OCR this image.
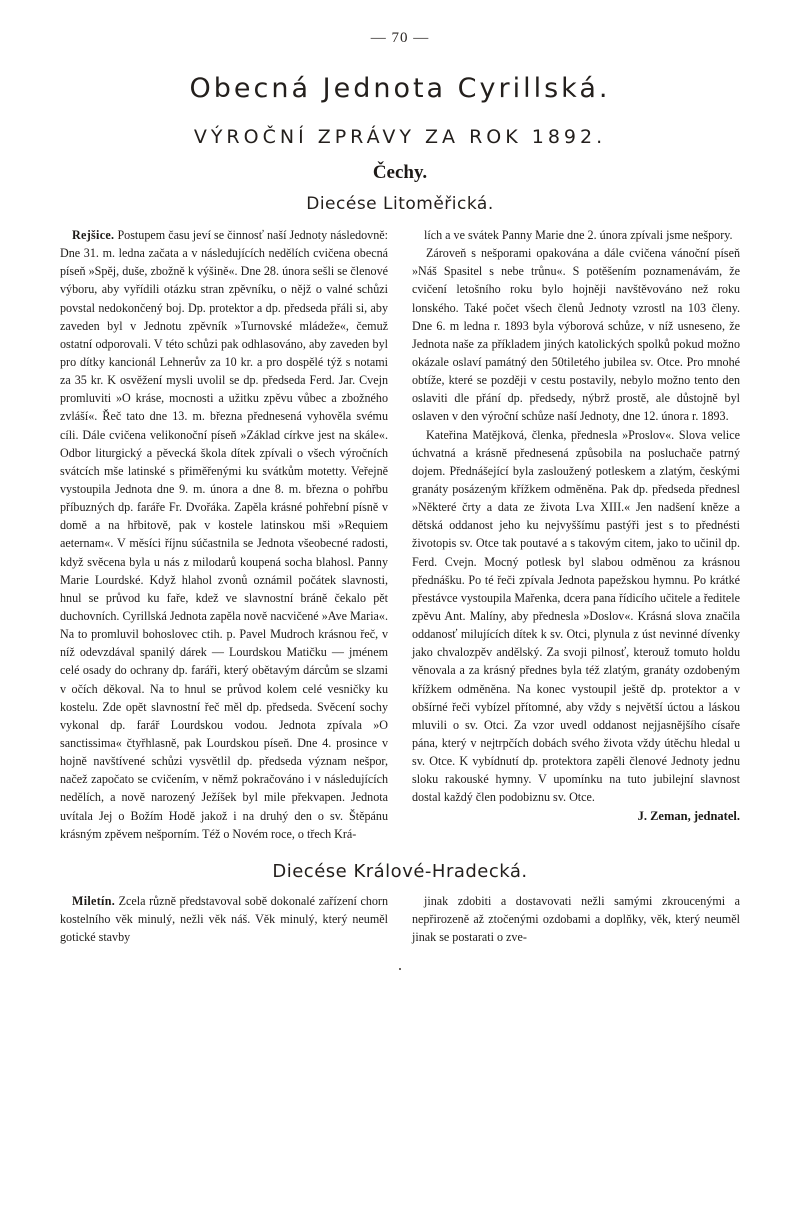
— 70 —
Obecná Jednota Cyrillská.
VÝROČNÍ ZPRÁVY ZA ROK 1892.
Čechy.
Diecése Litoměřická.

Rejšice. Postupem času jeví se činnosť naší Jednoty následovně: Dne 31. m. ledna začata a v následujících nedělích cvičena obecná píseň »Spěj, duše, zbožně k výšině«. Dne 28. února sešli se členové výboru, aby vyřídili otázku stran zpěvníku, o nějž o valné schůzi povstal nedokončený boj. Dp. protektor a dp. předseda přáli si, aby zaveden byl v Jednotu zpěvník »Turnovské mládeže«, čemuž ostatní odporovali. V této schůzi pak odhlasováno, aby zaveden byl pro dítky kancionál Lehnerův za 10 kr. a pro dospělé týž s notami za 35 kr. K osvěžení mysli uvolil se dp. předseda Ferd. Jar. Cvejn promluviti »O kráse, mocnosti a užitku zpěvu vůbec a zbožného zvláší«. Řeč tato dne 13. m. března přednesená vyhověla svému cíli. Dále cvičena velikonoční píseň »Základ církve jest na skále«. Odbor liturgický a pěvecká škola dítek zpívali o všech výročních svátcích mše latinské s přiměřenými ku svátkům motetty. Veřejně vystoupila Jednota dne 9. m. února a dne 8. m. března o pohřbu příbuzných dp. faráře Fr. Dvořáka. Zapěla krásné pohřební písně v domě a na hřbitově, pak v kostele latinskou mši »Requiem aeternam«. V měsíci říjnu súčastnila se Jednota všeobecné radosti, když svěcena byla u nás z milodarů koupená socha blahosl. Panny Marie Lourdské. Když hlahol zvonů oznámil počátek slavnosti, hnul se průvod ku faře, kdež ve slavnostní bráně čekalo pět duchovních. Cyrillská Jednota zapěla nově nacvičené »Ave Maria«. Na to promluvil bohoslovec ctih. p. Pavel Mudroch krásnou řeč, v níž odevzdával spanilý dárek — Lourdskou Matičku — jménem celé osady do ochrany dp. faráři, který obětavým dárcům se slzami v očích děkoval. Na to hnul se průvod kolem celé vesničky ku kostelu. Zde opět slavnostní řeč měl dp. předseda. Svěcení sochy vykonal dp. farář Lourdskou vodou. Jednota zpívala »O sanctissima« čtyřhlasně, pak Lourdskou píseň. Dne 4. prosince v hojně navštívené schůzi vysvětlil dp. předseda význam nešpor, načež započato se cvičením, v němž pokračováno i v následujících nedělích, a nově narozený Ježíšek byl mile překvapen. Jednota uvítala Jej o Božím Hodě jakož i na druhý den o sv. Štěpánu krásným zpěvem nešporním. Též o Novém roce, o třech Krá-

lích a ve svátek Panny Marie dne 2. února zpívali jsme nešpory.

Zároveň s nešporami opakována a dále cvičena vánoční píseň »Náš Spasitel s nebe trůnu«. S potěšením poznamenávám, že cvičení letošního roku bylo hojněji navštěvováno než roku lonského. Také počet všech členů Jednoty vzrostl na 103 členy. Dne 6. m ledna r. 1893 byla výborová schůze, v níž usneseno, že Jednota naše za příkladem jiných katolických spolků pokud možno okázale oslaví památný den 50tiletého jubilea sv. Otce. Pro mnohé obtíže, které se později v cestu postavily, nebylo možno tento den oslaviti dle přání dp. předsedy, nýbrž prostě, ale důstojně byl oslaven v den výroční schůze naší Jednoty, dne 12. února r. 1893.

Kateřina Matějková, členka, přednesla »Proslov«. Slova velice úchvatná a krásně přednesená způsobila na posluchače patrný dojem. Přednášející byla zasloužený potleskem a zlatým, českými granáty posázeným křížkem odměněna. Pak dp. předseda přednesl »Některé črty a data ze života Lva XIII.« Jen nadšení kněze a dětská oddanost jeho ku nejvyššímu pastýři jest s to přednésti životopis sv. Otce tak poutavé a s takovým citem, jako to učinil dp. Ferd. Cvejn. Mocný potlesk byl slabou odměnou za krásnou přednášku. Po té řeči zpívala Jednota papežskou hymnu. Po krátké přestávce vystoupila Mařenka, dcera pana řídicího učitele a ředitele zpěvu Ant. Malíny, aby přednesla »Doslov«. Krásná slova značila oddanosť milujících dítek k sv. Otci, plynula z úst nevinné dívenky jako chvalozpěv andělský. Za svoji pilnosť, kterouž tomuto holdu věnovala a za krásný přednes byla též zlatým, granáty ozdobeným křížkem odměněna. Na konec vystoupil ještě dp. protektor a v obšírné řeči vybízel přítomné, aby vždy s největší úctou a láskou mluvili o sv. Otci. Za vzor uvedl oddanost nejjasnějšího císaře pána, který v nejtrpčích dobách svého života vždy útěchu hledal u sv. Otce. K vybídnutí dp. protektora zapěli členové Jednoty jednu sloku rakouské hymny. V upomínku na tuto jubilejní slavnost dostal každý člen podobiznu sv. Otce.

J. Zeman, jednatel.

Diecése Králové-Hradecká.

Miletín. Zcela různě představoval sobě dokonalé zařízení chorn kostelního věk minulý, nežli věk náš. Věk minulý, který neuměl gotické stavby

jinak zdobiti a dostavovati nežli samými zkroucenými a nepřirozeně až ztočenými ozdobami a doplňky, věk, který neuměl jinak se postarati o zve-
